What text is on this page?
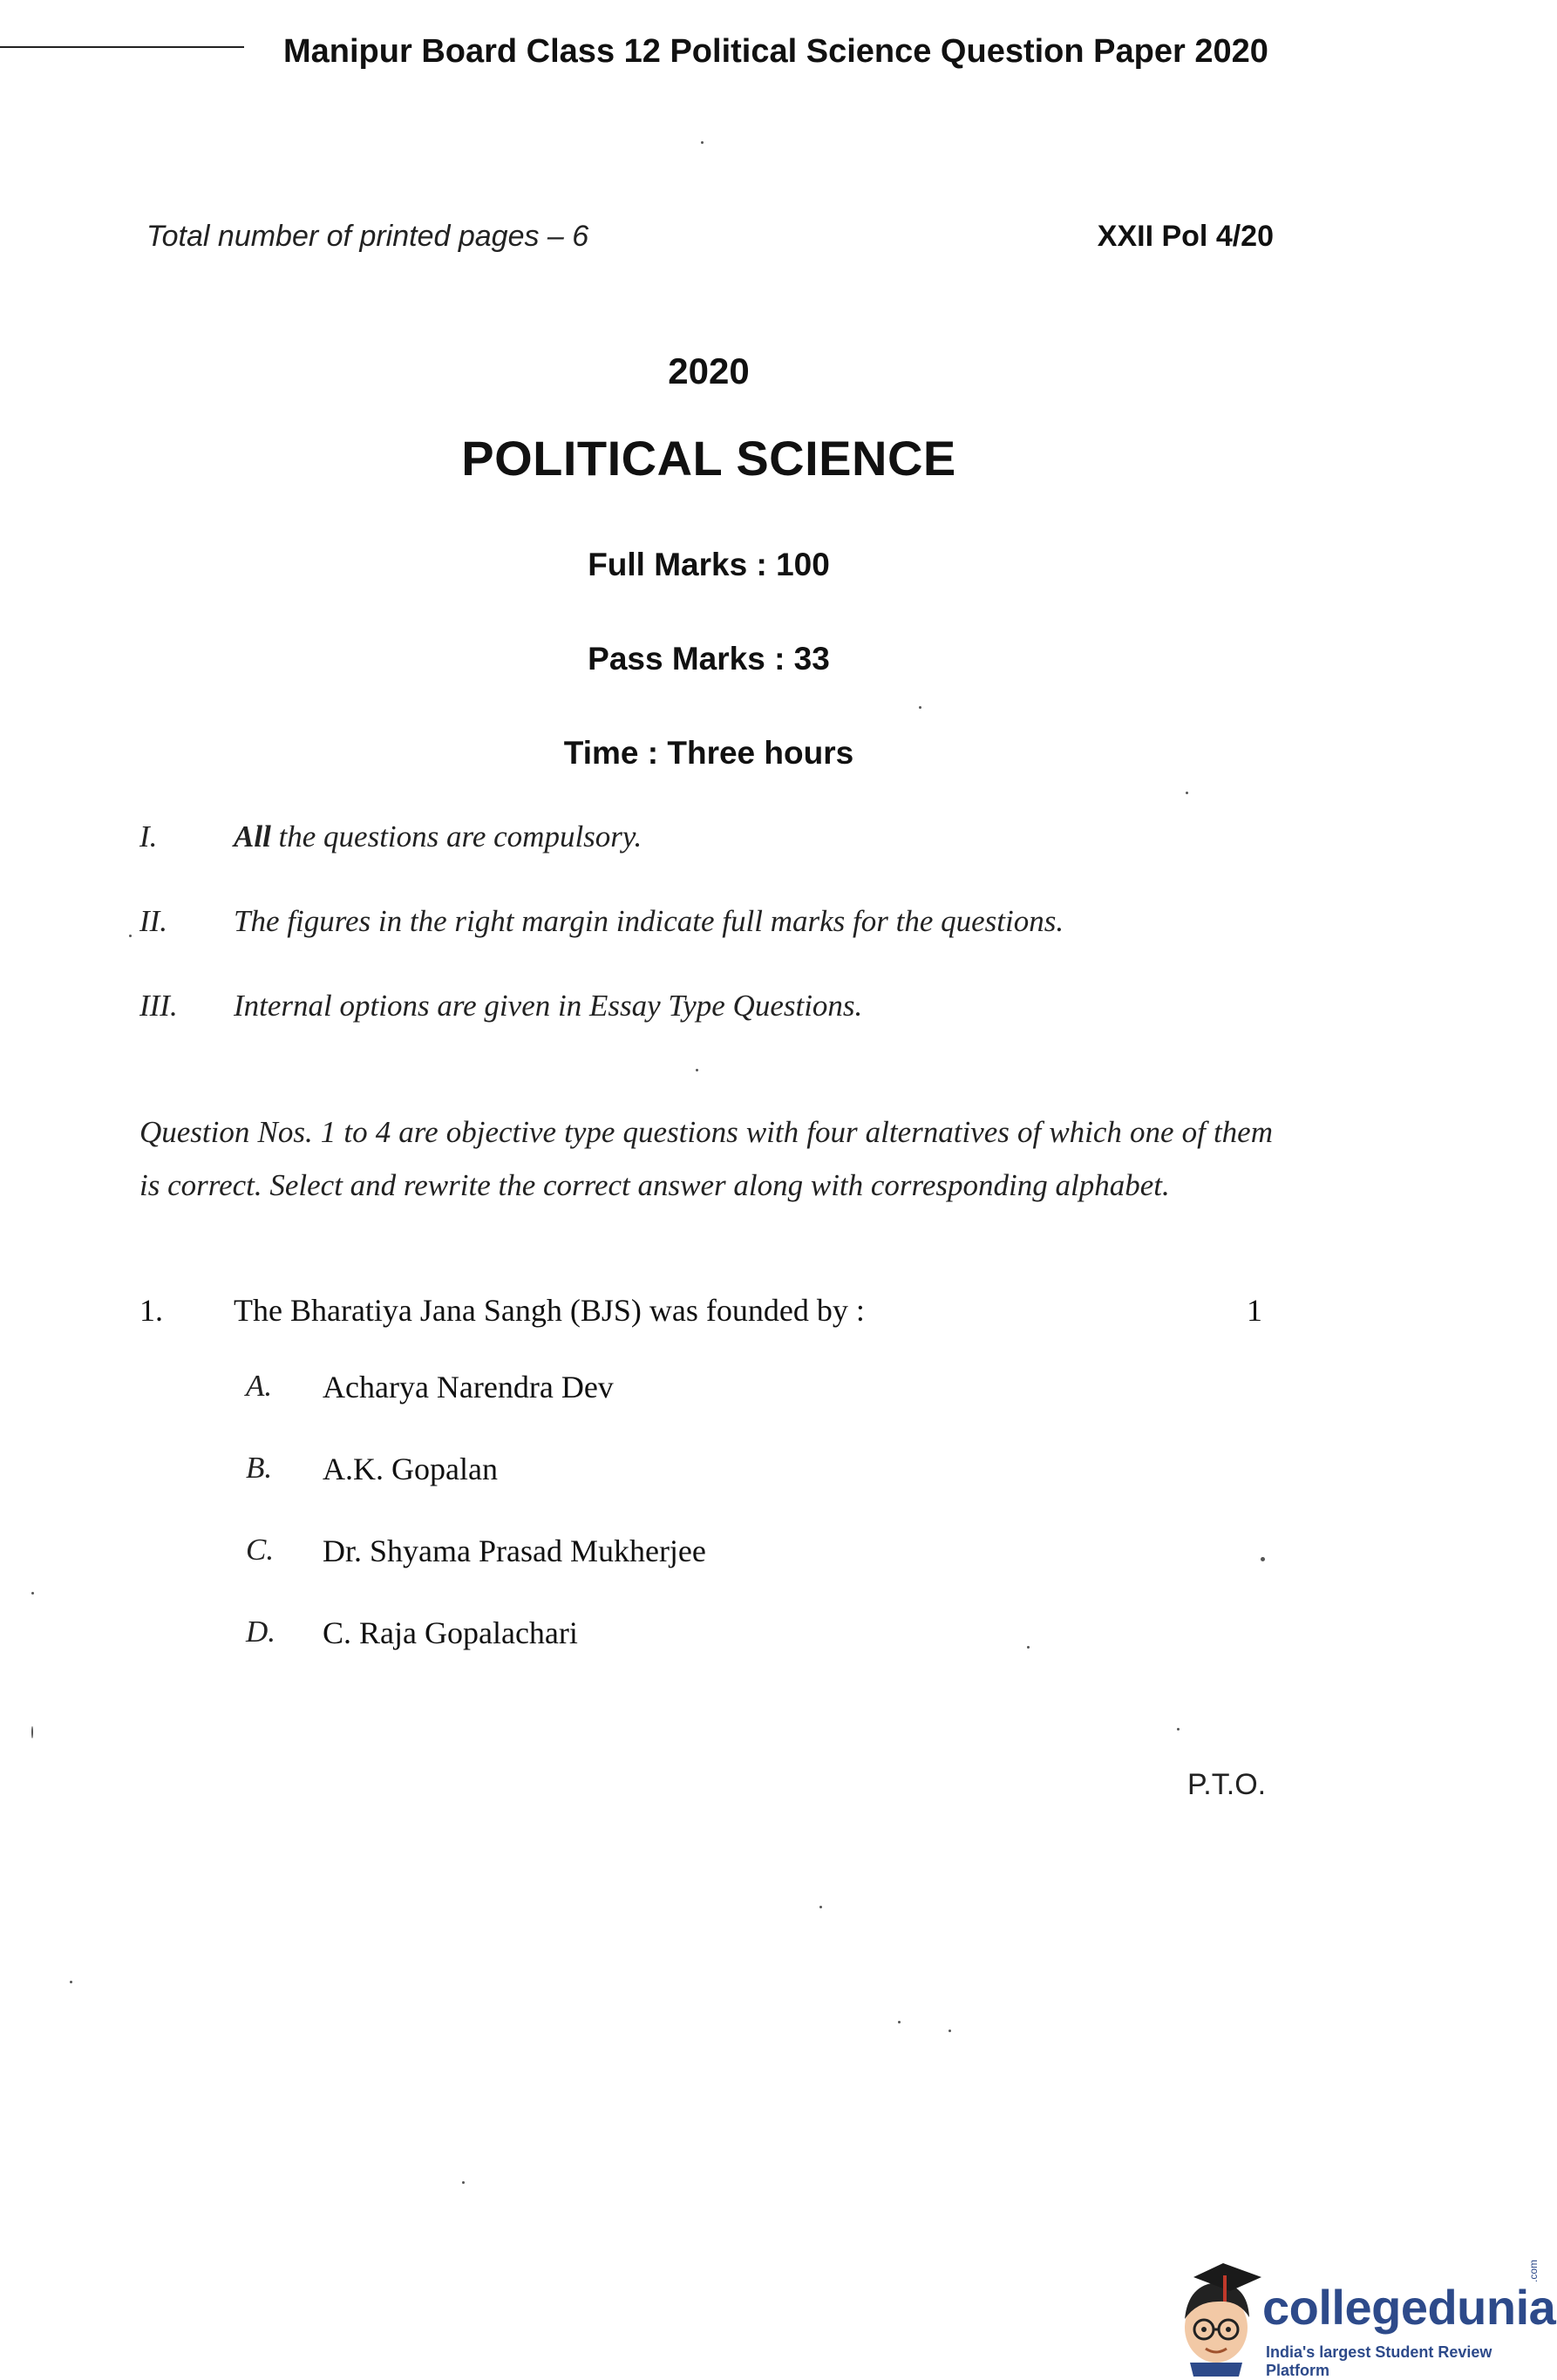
Manipur Board Class 12 Political Science Question Paper 2020
Total number of printed pages – 6	XXII Pol 4/20
2020
POLITICAL SCIENCE
Full Marks : 100
Pass Marks : 33
Time : Three hours
I.	All the questions are compulsory.
II. The figures in the right margin indicate full marks for the questions.
III. Internal options are given in Essay Type Questions.
Question Nos. 1 to 4 are objective type questions with four alternatives of which one of them is correct. Select and rewrite the correct answer along with corresponding alphabet.
1. The Bharatiya Jana Sangh (BJS) was founded by :	1
A. Acharya Narendra Dev
B. A.K. Gopalan
C. Dr. Shyama Prasad Mukherjee
D. C. Raja Gopalachari
P.T.O.
collegedunia
.com
India's largest Student Review Platform
